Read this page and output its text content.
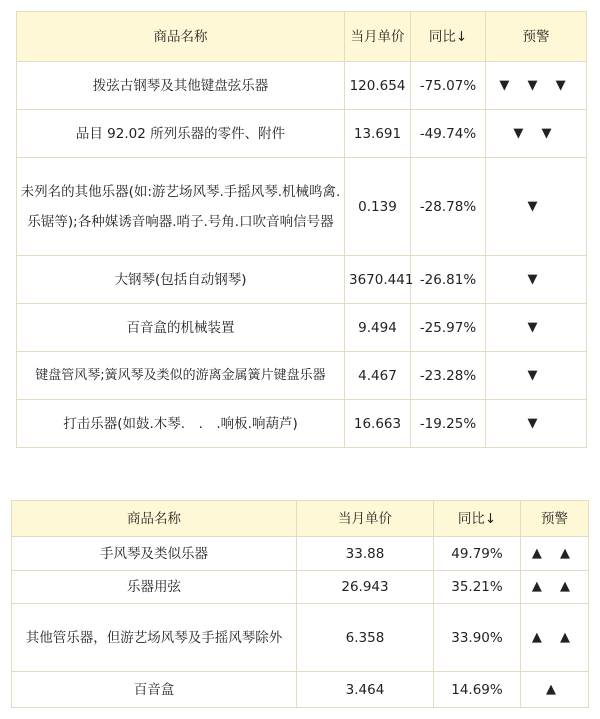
商品名称	当月单价	同比↓	预警
拨弦古钢琴及其他键盘弦乐器	120.654	-75.07%	▼ ▼ ▼
品目 92.02 所列乐器的零件、附件	13.691	-49.74%	▼ ▼
未列名的其他乐器(如:游艺场风琴.手摇风琴.机械鸣禽.乐锯等);各种媒诱音响器.哨子.号角.口吹音响信号器	0.139	-28.78%	▼
大钢琴(包括自动钢琴)	3670.441	-26.81%	▼
百音盒的机械装置	9.494	-25.97%	▼
键盘管风琴;簧风琴及类似的游离金属簧片键盘乐器	4.467	-23.28%	▼
打击乐器(如鼓.木琴.　.　.响板.响葫芦)	16.663	-19.25%	▼
商品名称	当月单价	同比↓	预警
手风琴及类似乐器	33.88	49.79%	▲ ▲
乐器用弦	26.943	35.21%	▲ ▲
其他管乐器，但游艺场风琴及手摇风琴除外	6.358	33.90%	▲ ▲
百音盒	3.464	14.69%	▲
